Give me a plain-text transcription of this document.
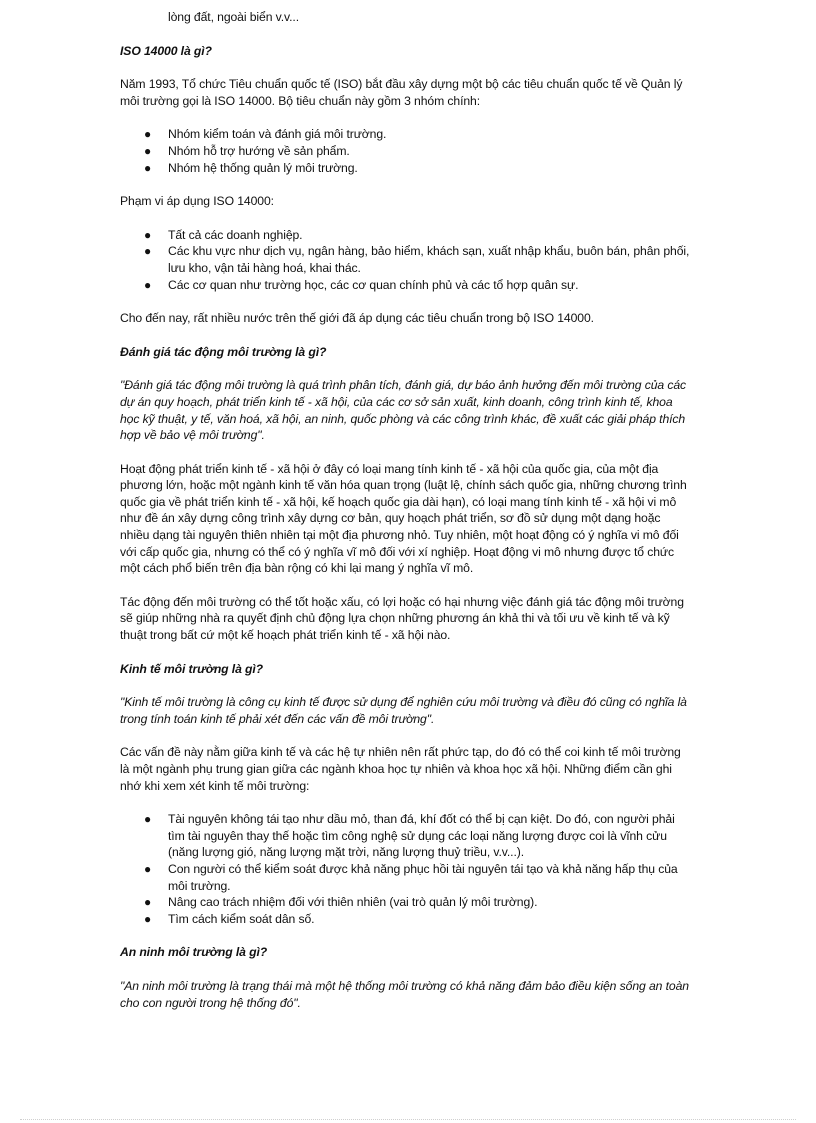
lòng đất, ngoài biển v.v...

ISO 14000 là gì?

Năm 1993, Tổ chức Tiêu chuẩn quốc tế (ISO) bắt đầu xây dựng một bộ các tiêu chuẩn quốc tế về Quản lý môi trường gọi là ISO 14000. Bộ tiêu chuẩn này gồm 3 nhóm chính:

● Nhóm kiểm toán và đánh giá môi trường.
● Nhóm hỗ trợ hướng về sản phẩm.
● Nhóm hệ thống quản lý môi trường.

Phạm vi áp dụng ISO 14000:

● Tất cả các doanh nghiệp.
● Các khu vực như dịch vụ, ngân hàng, bảo hiểm, khách sạn, xuất nhập khẩu, buôn bán, phân phối, lưu kho, vận tải hàng hoá, khai thác.
● Các cơ quan như trường học, các cơ quan chính phủ và các tổ hợp quân sự.

Cho đến nay, rất nhiều nước trên thế giới đã áp dụng các tiêu chuẩn trong bộ ISO 14000.

Đánh giá tác động môi trường là gì?

"Đánh giá tác động môi trường là quá trình phân tích, đánh giá, dự báo ảnh hưởng đến môi trường của các dự án quy hoạch, phát triển kinh tế - xã hội, của các cơ sở sản xuất, kinh doanh, công trình kinh tế, khoa học kỹ thuật, y tế, văn hoá, xã hội, an ninh, quốc phòng và các công trình khác, đề xuất các giải pháp thích hợp về bảo vệ môi trường".

Hoạt động phát triển kinh tế - xã hội ở đây có loại mang tính kinh tế - xã hội của quốc gia, của một địa phương lớn, hoặc một ngành kinh tế văn hóa quan trọng (luật lệ, chính sách quốc gia, những chương trình quốc gia về phát triển kinh tế - xã hội, kế hoạch quốc gia dài hạn), có loại mang tính kinh tế - xã hội vi mô như đề án xây dựng công trình xây dựng cơ bản, quy hoạch phát triển, sơ đồ sử dụng một dạng hoặc nhiều dạng tài nguyên thiên nhiên tại một địa phương nhỏ. Tuy nhiên, một hoạt động có ý nghĩa vi mô đối với cấp quốc gia, nhưng có thể có ý nghĩa vĩ mô đối với xí nghiệp. Hoạt động vi mô nhưng được tổ chức một cách phổ biến trên địa bàn rộng có khi lại mang ý nghĩa vĩ mô.

Tác động đến môi trường có thể tốt hoặc xấu, có lợi hoặc có hại nhưng việc đánh giá tác động môi trường sẽ giúp những nhà ra quyết định chủ động lựa chọn những phương án khả thi và tối ưu về kinh tế và kỹ thuật trong bất cứ một kế hoạch phát triển kinh tế - xã hội nào.

Kinh tế môi trường là gì?

"Kinh tế môi trường là công cụ kinh tế được sử dụng để nghiên cứu môi trường và điều đó cũng có nghĩa là trong tính toán kinh tế phải xét đến các vấn đề môi trường".

Các vấn đề này nằm giữa kinh tế và các hệ tự nhiên nên rất phức tạp, do đó có thể coi kinh tế môi trường là một ngành phụ trung gian giữa các ngành khoa học tự nhiên và khoa học xã hội. Những điểm cần ghi nhớ khi xem xét kinh tế môi trường:

● Tài nguyên không tái tạo như dầu mỏ, than đá, khí đốt có thể bị cạn kiệt. Do đó, con người phải tìm tài nguyên thay thế hoặc tìm công nghệ sử dụng các loại năng lượng được coi là vĩnh cửu (năng lượng gió, năng lượng mặt trời, năng lượng thuỷ triều, v.v...).
● Con người có thể kiểm soát được khả năng phục hồi tài nguyên tái tạo và khả năng hấp thụ của môi trường.
● Nâng cao trách nhiệm đối với thiên nhiên (vai trò quản lý môi trường).
● Tìm cách kiểm soát dân số.
An ninh môi trường là gì?

"An ninh môi trường là trạng thái mà một hệ thống môi trường có khả năng đảm bảo điều kiện sống an toàn cho con người trong hệ thống đó".
